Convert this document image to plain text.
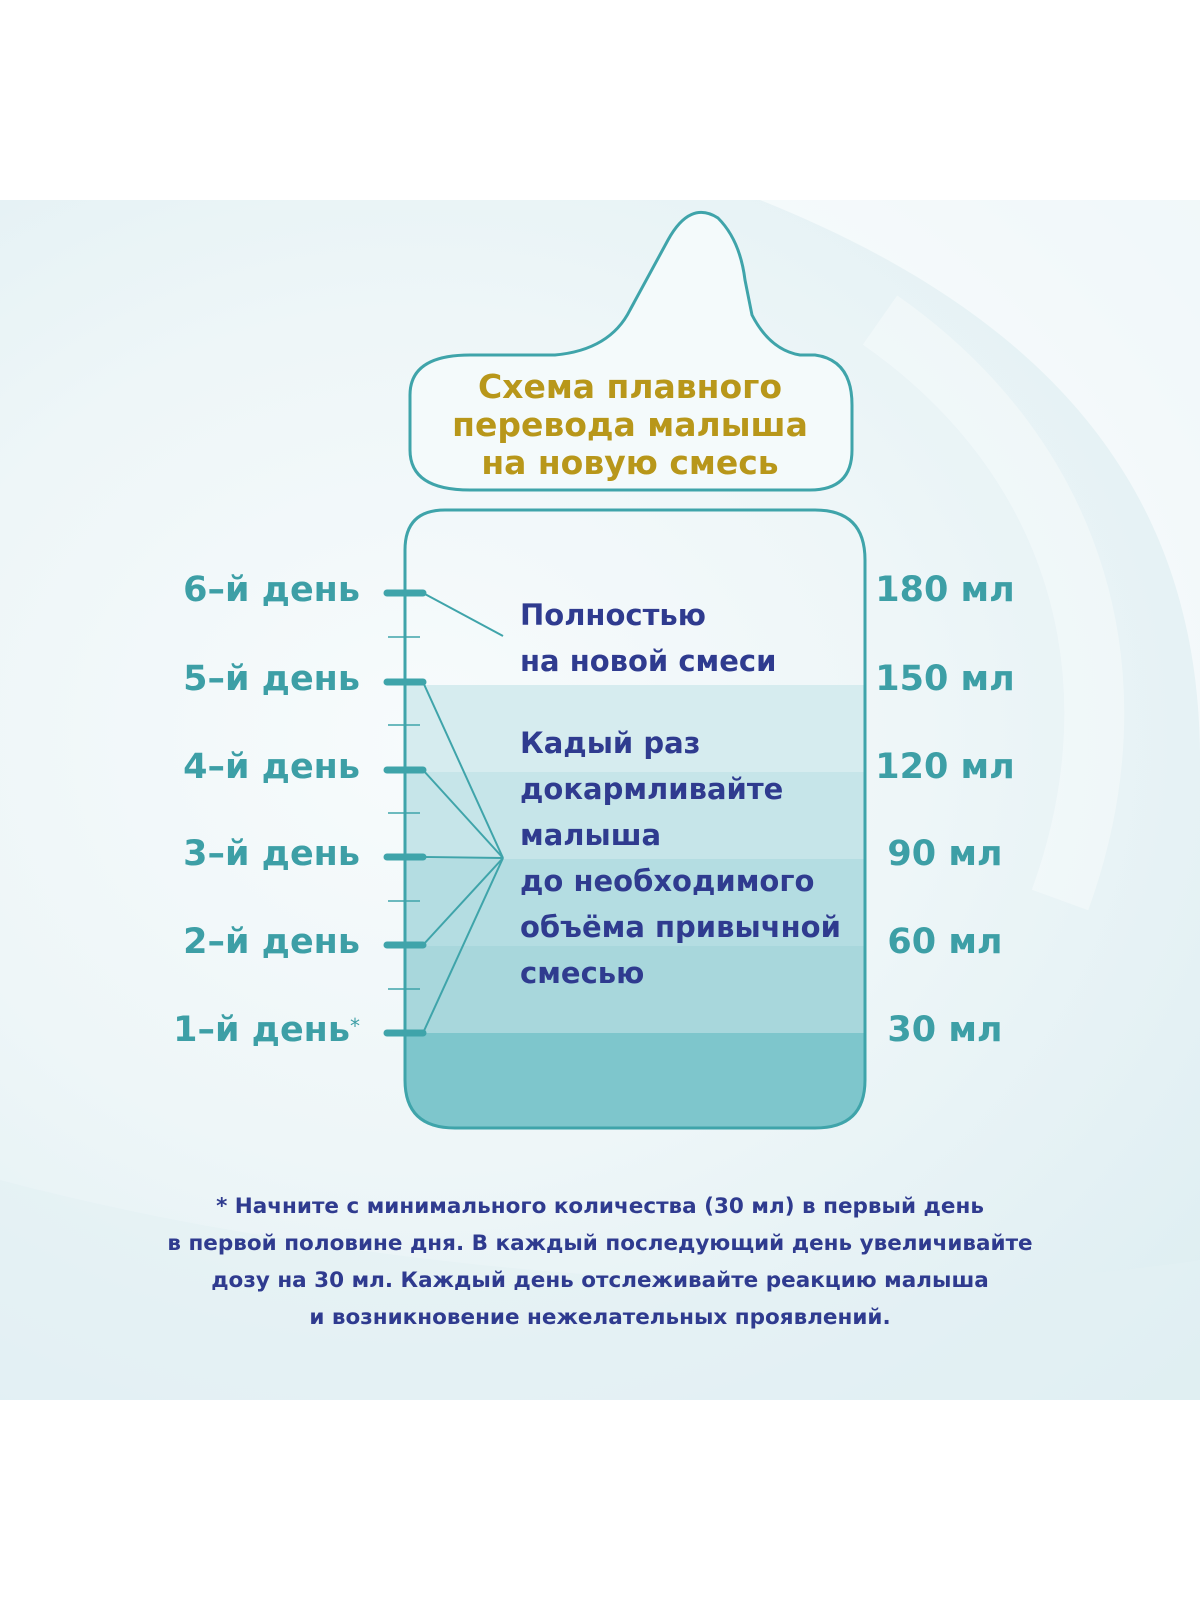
Схема плавного
перевода малыша
на новую смесь
6–й день
5–й день
4–й день
3–й день
2–й день
1–й день*
180 мл
150 мл
120 мл
90 мл
60 мл
30 мл
Полностью
на новой смеси
Кадый раз
докармливайте
малыша
до необходимого
объёма привычной
смесью
* Начните с минимального количества (30 мл) в первый день
в первой половине дня. В каждый последующий день увеличивайте
дозу на 30 мл. Каждый день отслеживайте реакцию малыша
и возникновение нежелательных проявлений.
